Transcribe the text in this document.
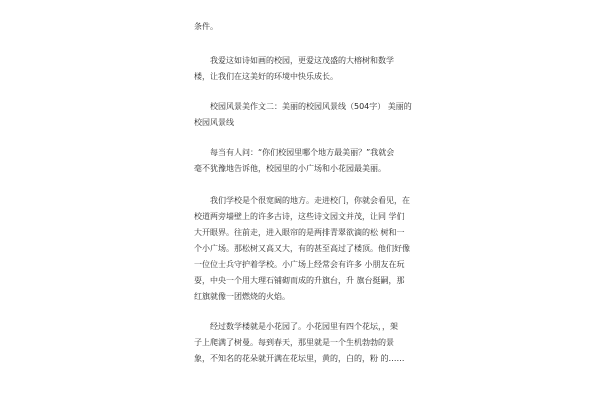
条件。
　　我爱这如诗如画的校园，更爱这茂盛的大榕树和数学
楼，让我们在这美好的环境中快乐成长。
　　校园风景美作文二：美丽的校园风景线（504字） 美丽的
校园风景线
　　每当有人问：“你们校园里哪个地方最美丽？”我就会
毫不犹豫地告诉他，校园里的小广场和小花园最美丽。
　　我们学校是个很宽阔的地方。走进校门，你就会看见，在
校道两旁墙壁上的许多古诗，这些诗文园文并茂，让同 学们
大开眼界。往前走，进入眼帘的是两排青翠欲滴的松 树和一
个小广场。那松树又高又大，有的甚至高过了楼顶。他们好像
一位位士兵守护着学校。小广场上经常会有许多 小朋友在玩
耍，中央一个用大理石铺砌而成的升旗台，升 旗台挺嗣，那
红旗就像一团燃烧的火焰。
　　经过数学楼就是小花园了。小花园里有四个花坛，，架
子上爬满了树曼。每到春天，那里就是一个生机勃勃的景
象，不知名的花朵就开满在花坛里，黄的，白的，粉 的……
